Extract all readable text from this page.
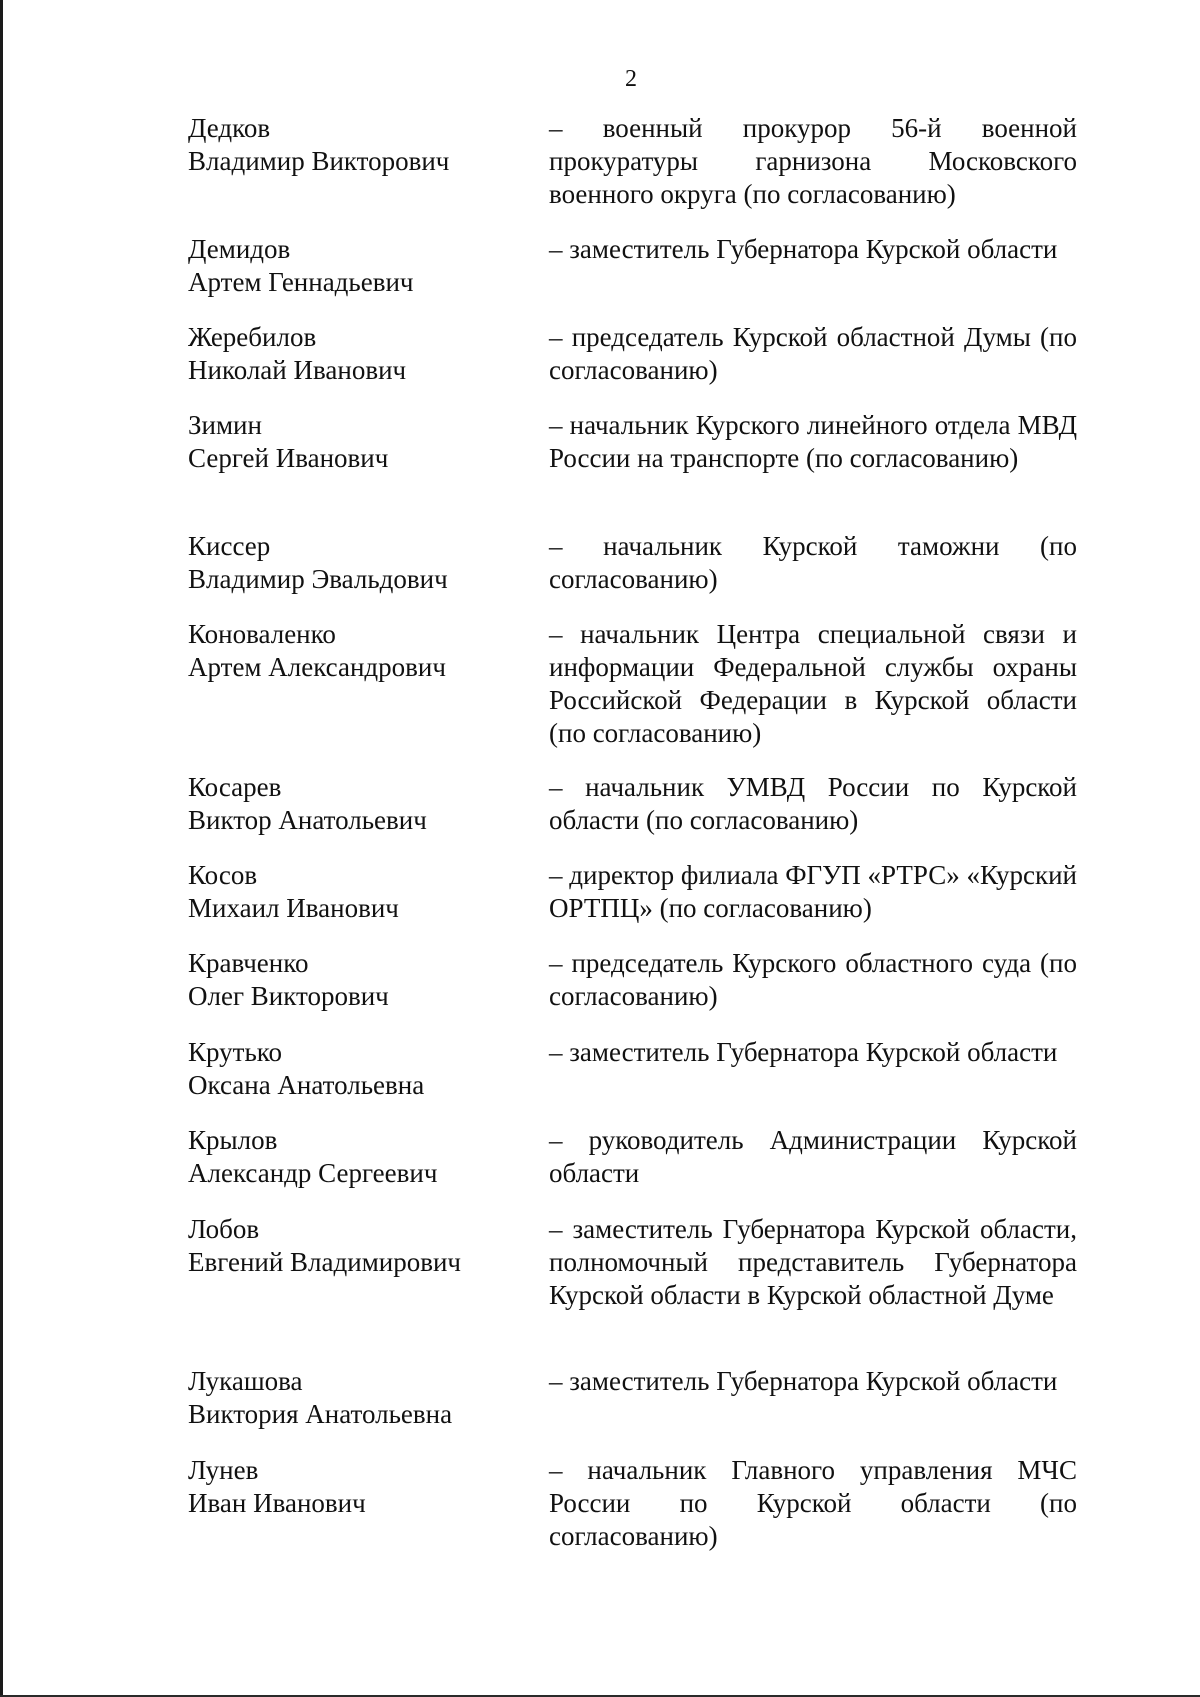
2
Дедков
Владимир Викторович
– военный прокурор 56-й военной прокуратуры гарнизона Московского военного округа (по согласованию)
Демидов
Артем Геннадьевич
– заместитель Губернатора Курской области
Жеребилов
Николай Иванович
– председатель Курской областной Думы (по согласованию)
Зимин
Сергей Иванович
– начальник Курского линейного отдела МВД России на транспорте (по согласованию)
Киссер
Владимир Эвальдович
– начальник Курской таможни (по согласованию)
Коноваленко
Артем Александрович
– начальник Центра специальной связи и информации Федеральной службы охраны Российской Федерации в Курской области (по согласованию)
Косарев
Виктор Анатольевич
– начальник УМВД России по Курской области (по согласованию)
Косов
Михаил Иванович
– директор филиала ФГУП «РТРС» «Курский ОРТПЦ» (по согласованию)
Кравченко
Олег Викторович
– председатель Курского областного суда (по согласованию)
Крутько
Оксана Анатольевна
– заместитель Губернатора Курской области
Крылов
Александр Сергеевич
– руководитель Администрации Курской области
Лобов
Евгений Владимирович
– заместитель Губернатора Курской области, полномочный представитель Губернатора Курской области в Курской областной Думе
Лукашова
Виктория Анатольевна
– заместитель Губернатора Курской области
Лунев
Иван Иванович
– начальник Главного управления МЧС России по Курской области (по согласованию)
